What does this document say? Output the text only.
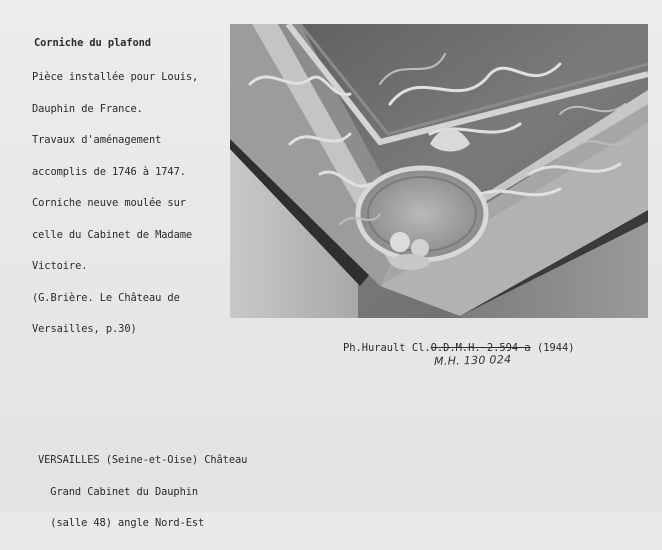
Corniche du plafond

Pièce installée pour Louis,

Dauphin de France.

Travaux d'aménagement

accomplis de 1746 à 1747.

Corniche neuve moulée sur

celle du Cabinet de Madame

Victoire.

(G.Brière. Le Château de

Versailles, p.30)

Ph.Hurault Cl.O.D.M.H. 2.594 a (1944)
M.H. 130 024

VERSAILLES (Seine-et-Oise) Château

Grand Cabinet du Dauphin

(salle 48) angle Nord-Est
